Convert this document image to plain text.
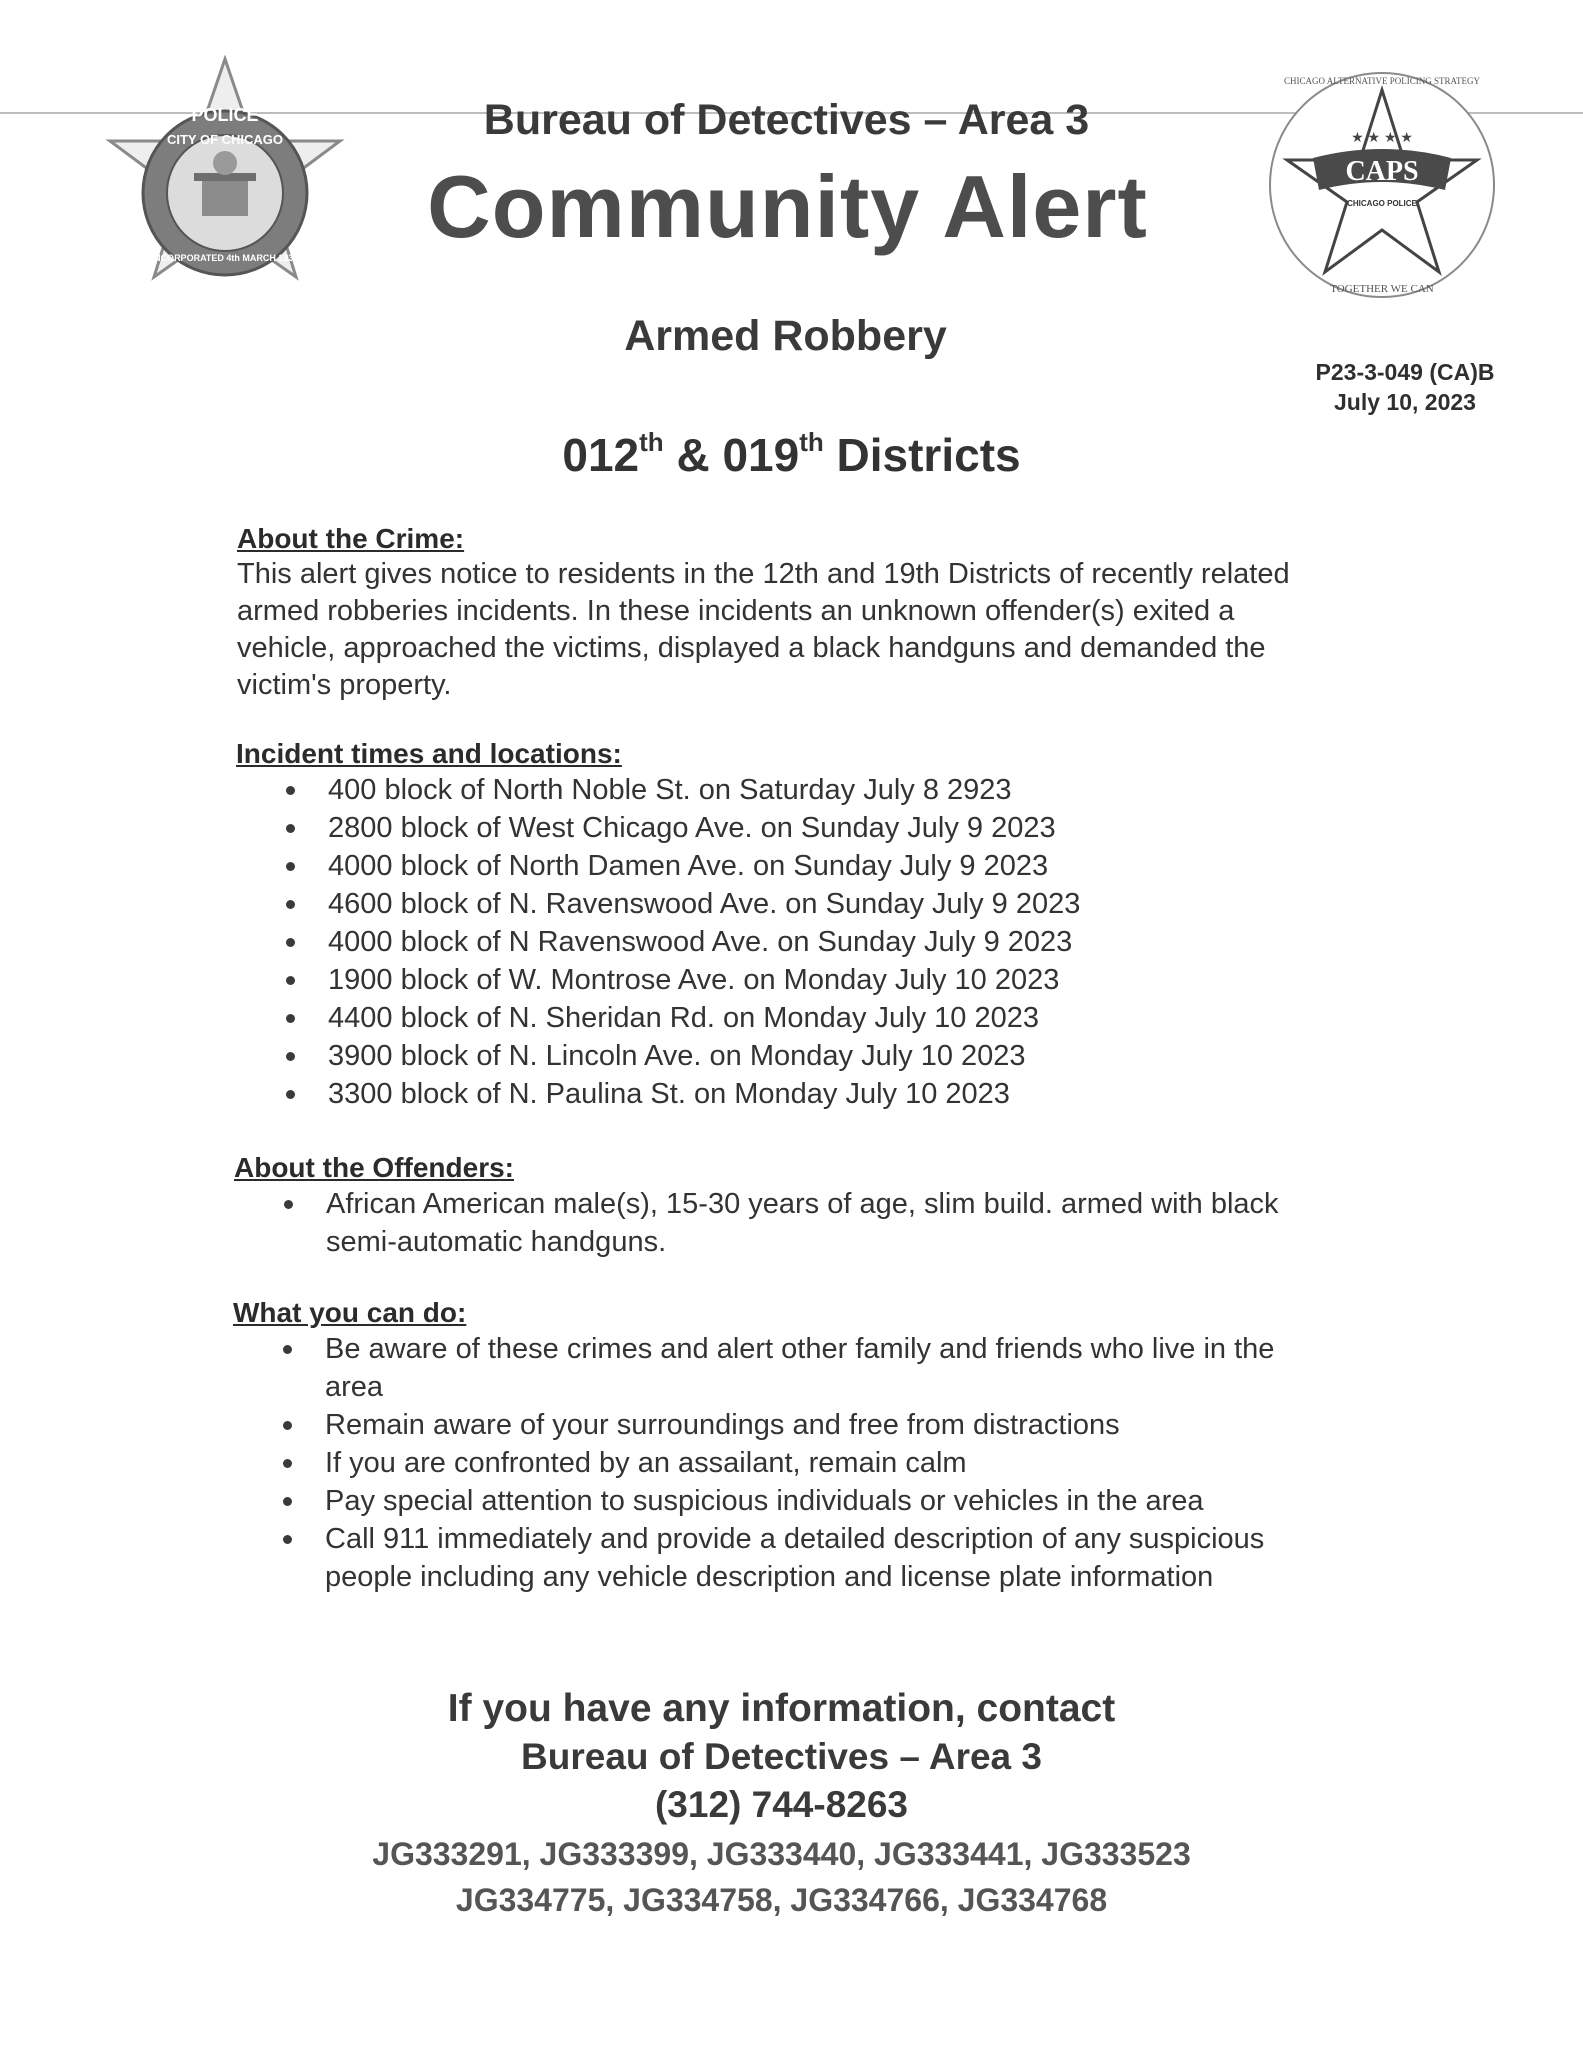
POLICE
CITY OF CHICAGO
INCORPORATED 4th MARCH 1837
CAPS
CHICAGO POLICE
CHICAGO ALTERNATIVE POLICING STRATEGY
TOGETHER WE CAN
★ ★ ★ ★
Bureau of Detectives – Area 3
Community Alert
Armed Robbery
P23-3-049 (CA)B
July 10, 2023
012th & 019th Districts
About the Crime:

This alert gives notice to residents in the 12th and 19th Districts of recently related

armed robberies incidents. In these incidents an unknown offender(s) exited a

vehicle, approached the victims, displayed a black handguns and demanded the

victim's property.

Incident times and locations:
400 block of North Noble St. on Saturday July 8 2923
2800 block of West Chicago Ave. on Sunday July 9 2023
4000 block of North Damen Ave. on Sunday July 9 2023
4600 block of N. Ravenswood Ave. on Sunday July 9 2023
4000 block of N Ravenswood Ave. on Sunday July 9 2023
1900 block of W. Montrose Ave. on Monday July 10 2023
4400 block of N. Sheridan Rd. on Monday July 10 2023
3900 block of N. Lincoln Ave. on Monday July 10 2023
3300 block of N. Paulina St. on Monday July 10 2023
About the Offenders:
African American male(s), 15-30 years of age, slim build. armed with black
semi-automatic handguns.
What you can do:
Be aware of these crimes and alert other family and friends who live in the
area
Remain aware of your surroundings and free from distractions
If you are confronted by an assailant, remain calm
Pay special attention to suspicious individuals or vehicles in the area
Call 911 immediately and provide a detailed description of any suspicious
people including any vehicle description and license plate information
If you have any information, contact
Bureau of Detectives – Area 3
(312) 744-8263
JG333291, JG333399, JG333440, JG333441, JG333523
JG334775, JG334758, JG334766, JG334768
